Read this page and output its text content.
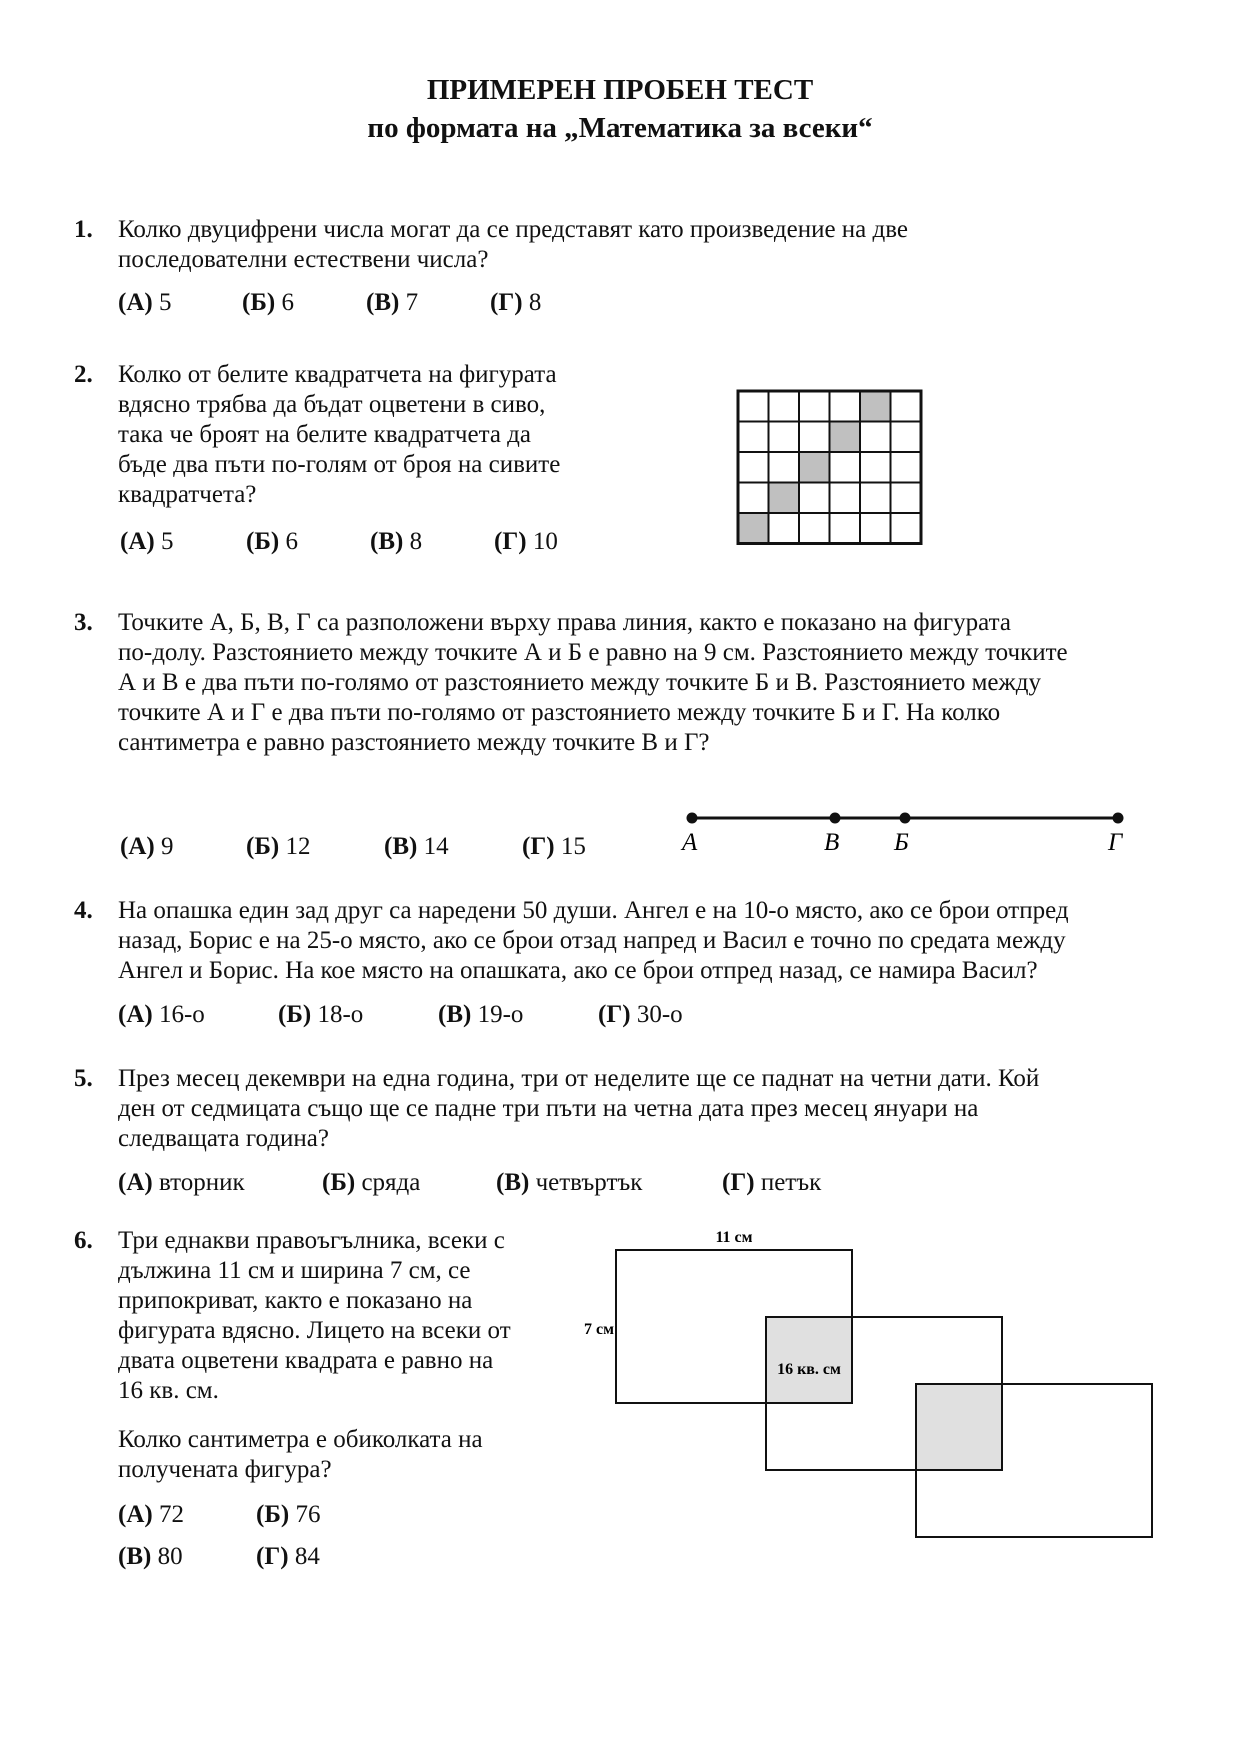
ПРИМЕРЕН ПРОБЕН ТЕСТ
по формата на „Математика за всеки“
1. Колко двуцифрени числа могат да се представят като произведение на две
последователни естествени числа?
(А) 5	(Б) 6	(В) 7	(Г) 8
2. Колко от белите квадратчета на фигурата
вдясно трябва да бъдат оцветени в сиво,
така че броят на белите квадратчета да
бъде два пъти по-голям от броя на сивите
квадратчета?
(А) 5	(Б) 6	(В) 8	(Г) 10
3. Точките А, Б, В, Г са разположени върху права линия, както е показано на фигурата
по-долу. Разстоянието между точките А и Б е равно на 9 см. Разстоянието между точките
А и В е два пъти по-голямо от разстоянието между точките Б и В. Разстоянието между
точките А и Г е два пъти по-голямо от разстоянието между точките Б и Г. На колко
сантиметра е равно разстоянието между точките В и Г?
(А) 9	(Б) 12	(В) 14	(Г) 15	А	В Б	Г
4. На опашка един зад друг са наредени 50 души. Ангел е на 10-о място, ако се брои отпред
назад, Борис е на 25-о място, ако се брои отзад напред и Васил е точно по средата между
Ангел и Борис. На кое място на опашката, ако се брои отпред назад, се намира Васил?
(А) 16-о	(Б) 18-о	(В) 19-о	(Г) 30-о
5. През месец декември на една година, три от неделите ще се паднат на четни дати. Кой
ден от седмицата също ще се падне три пъти на четна дата през месец януари на
следващата година?
(А) вторник	(Б) сряда	(В) четвъртък	(Г) петък
6. Три еднакви правоъгълника, всеки с
дължина 11 см и ширина 7 см, се
припокриват, както е показано на
фигурата вдясно. Лицето на всеки от
двата оцветени квадрата е равно на
16 кв. см.
Колко сантиметра е обиколката на
получената фигура?
(А) 72	(Б) 76
(В) 80	(Г) 84
11 см
7 см
16 кв. см
